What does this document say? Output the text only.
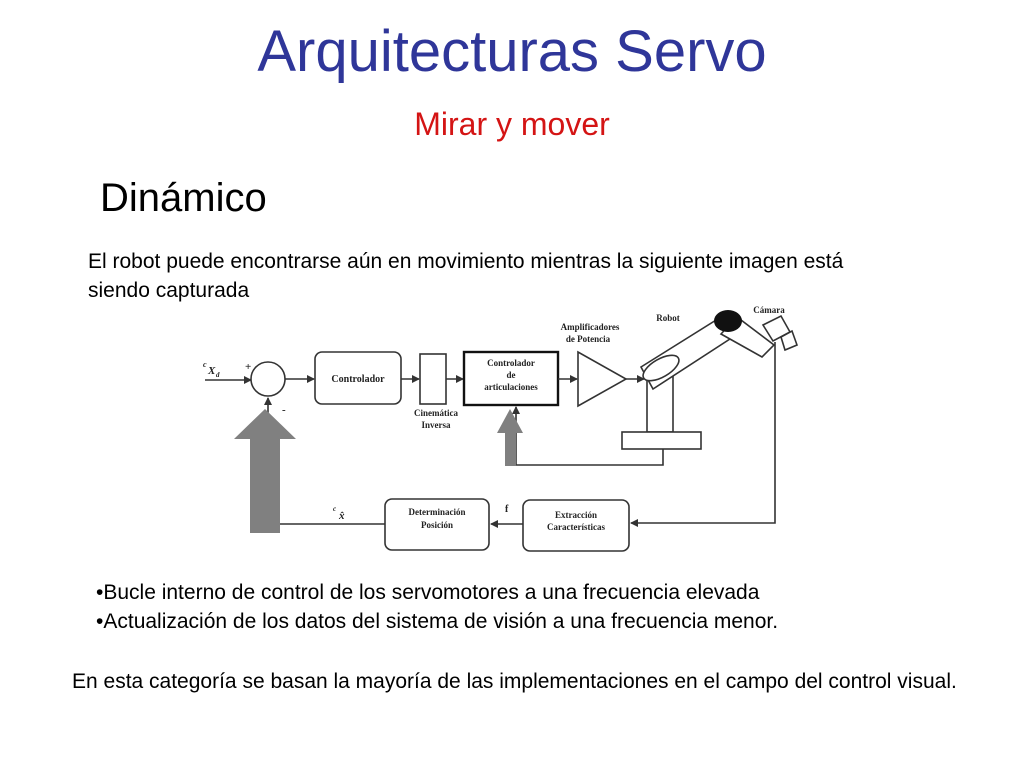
Arquitecturas Servo
Mirar y mover
Dinámico
El robot puede encontrarse aún en movimiento mientras la siguiente imagen está siendo capturada
c
X d
+
-
Controlador
Cinemática
Inversa
Controlador
de
articulaciones
Amplificadores
de Potencia
Robot
Cámara
Extracción
Características
f
Determinación
Posición
c
x̂
•Bucle interno de control de los servomotores a una frecuencia elevada
•Actualización de los datos del sistema de visión a una frecuencia menor.
En esta categoría se basan la mayoría de las implementaciones en el campo del control visual.
